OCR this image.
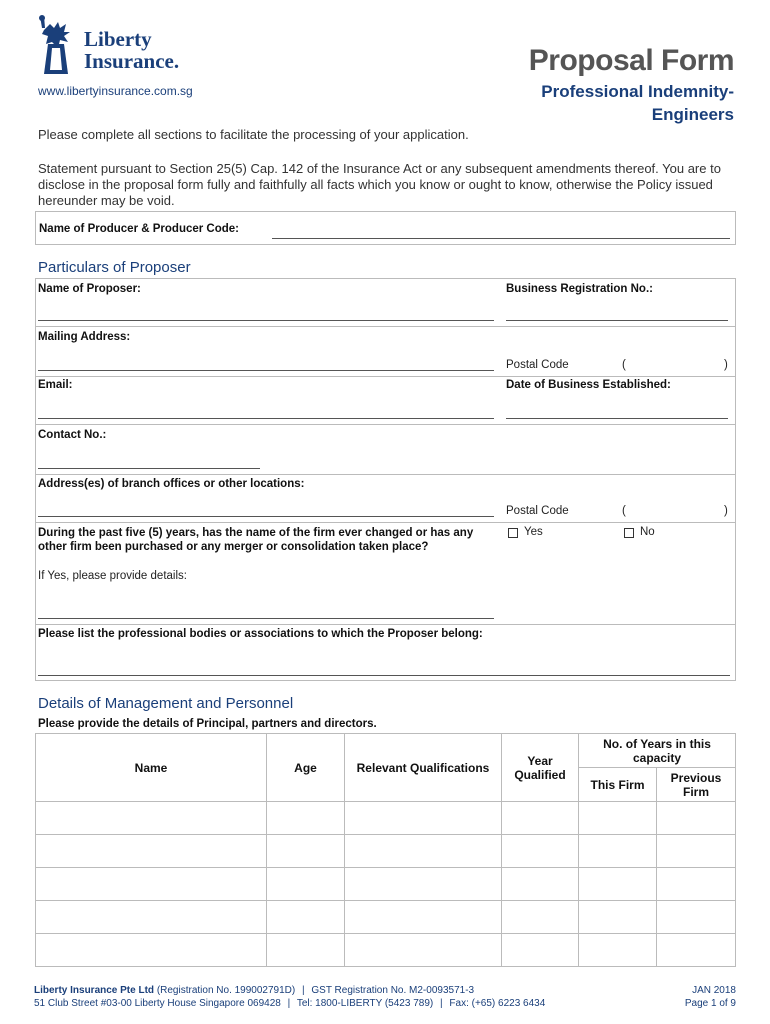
Liberty
Insurance.
www.libertyinsurance.com.sg
Proposal Form
Professional Indemnity-
Engineers
Please complete all sections to facilitate the processing of your application.
Statement pursuant to Section 25(5) Cap. 142 of the Insurance Act or any subsequent amendments thereof. You are to disclose in the proposal form fully and faithfully all facts which you know or ought to know, otherwise the Policy issued hereunder may be void.
Name of Producer & Producer Code:
Particulars of Proposer
Name of Proposer:	Business Registration No.:
Mailing Address:
Postal Code	(	)
Email:	Date of Business Established:
Contact No.:
Address(es) of branch offices or other locations:
Postal Code	(	)
During the past five (5) years, has the name of the firm ever changed or has any other firm been purchased or any merger or consolidation taken place?
Yes	No
If Yes, please provide details:
Please list the professional bodies or associations to which the Proposer belong:
Details of Management and Personnel
Please provide the details of Principal, partners and directors.
Name	Age	Relevant Qualifications	Year Qualified	No. of Years in this capacity	
				This Firm	Previous Firm

Liberty Insurance Pte Ltd (Registration No. 199002791D) | GST Registration No. M2-0093571-3
51 Club Street #03-00 Liberty House Singapore 069428 | Tel: 1800-LIBERTY (5423 789) | Fax: (+65) 6223 6434
JAN 2018
Page 1 of 9
